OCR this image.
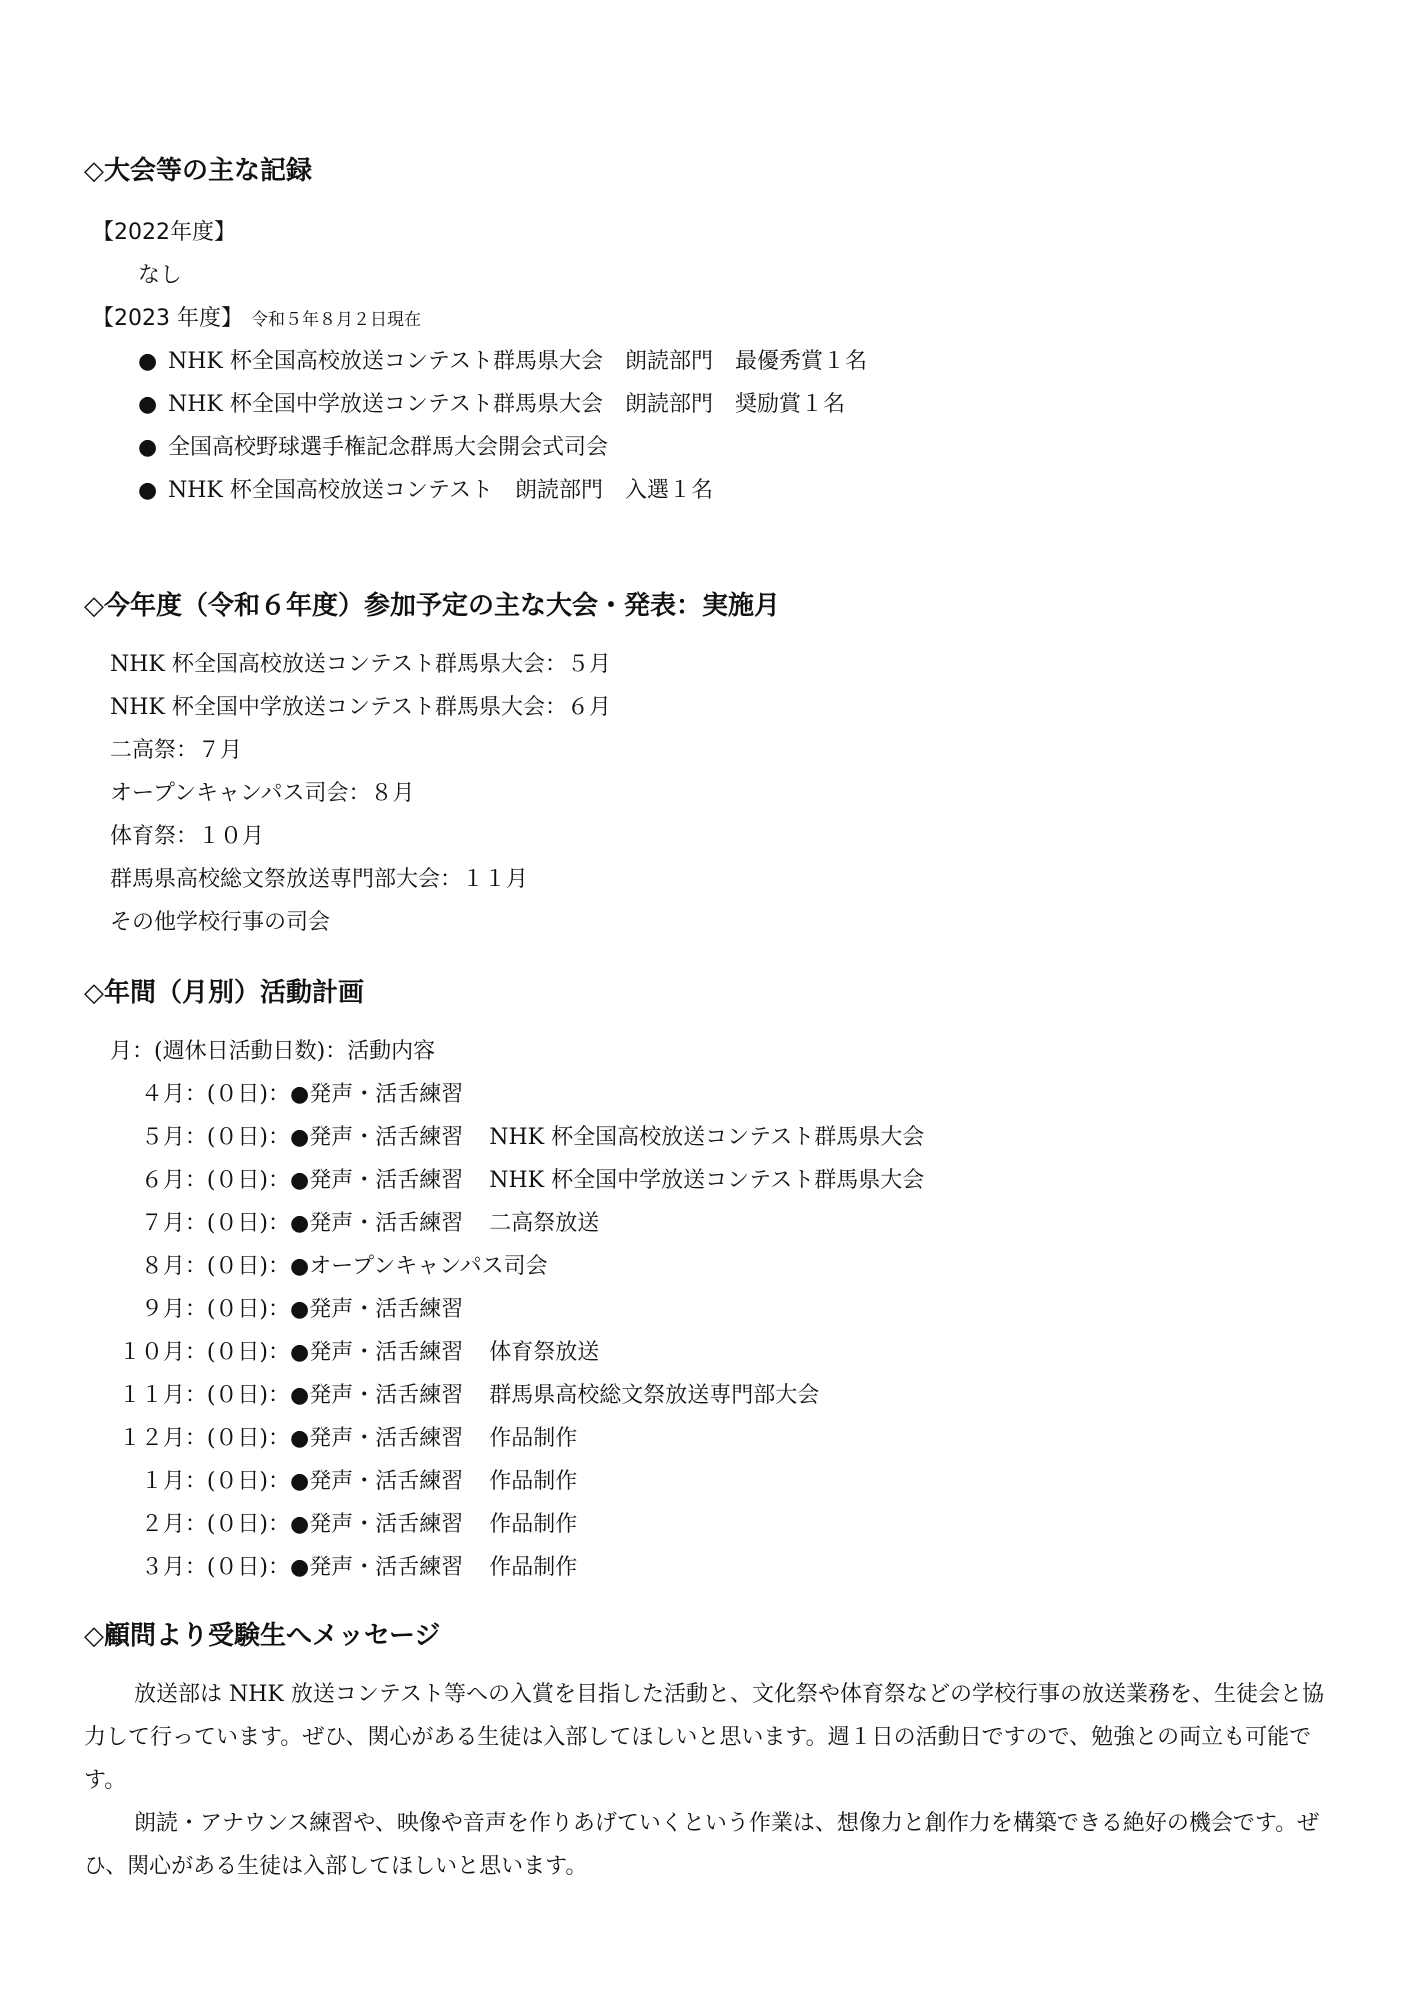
◇大会等の主な記録
【2022年度】
なし
【2023 年度】 令和５年８月２日現在
● NHK 杯全国高校放送コンテスト群馬県大会　朗読部門　最優秀賞１名
● NHK 杯全国中学放送コンテスト群馬県大会　朗読部門　奨励賞１名
● 全国高校野球選手権記念群馬大会開会式司会
● NHK 杯全国高校放送コンテスト　朗読部門　入選１名
◇今年度（令和６年度）参加予定の主な大会・発表：実施月
NHK 杯全国高校放送コンテスト群馬県大会：５月
NHK 杯全国中学放送コンテスト群馬県大会：６月
二高祭：７月
オープンキャンパス司会：８月
体育祭：１０月
群馬県高校総文祭放送専門部大会：１１月
その他学校行事の司会
◇年間（月別）活動計画
月：(週休日活動日数)：活動内容
４月：(０日)：●発声・活舌練習
５月：(０日)：●発声・活舌練習 NHK 杯全国高校放送コンテスト群馬県大会
６月：(０日)：●発声・活舌練習 NHK 杯全国中学放送コンテスト群馬県大会
７月：(０日)：●発声・活舌練習 二高祭放送
８月：(０日)：●オープンキャンパス司会
９月：(０日)：●発声・活舌練習
１０月：(０日)：●発声・活舌練習 体育祭放送
１１月：(０日)：●発声・活舌練習 群馬県高校総文祭放送専門部大会
１２月：(０日)：●発声・活舌練習 作品制作
１月：(０日)：●発声・活舌練習 作品制作
２月：(０日)：●発声・活舌練習 作品制作
３月：(０日)：●発声・活舌練習 作品制作
◇顧問より受験生へメッセージ

放送部は NHK 放送コンテスト等への入賞を目指した活動と、文化祭や体育祭などの学校行事の放送業務を、生徒会と協力して行っています。ぜひ、関心がある生徒は入部してほしいと思います。週１日の活動日ですので、勉強との両立も可能です。

朗読・アナウンス練習や、映像や音声を作りあげていくという作業は、想像力と創作力を構築できる絶好の機会です。ぜひ、関心がある生徒は入部してほしいと思います。
